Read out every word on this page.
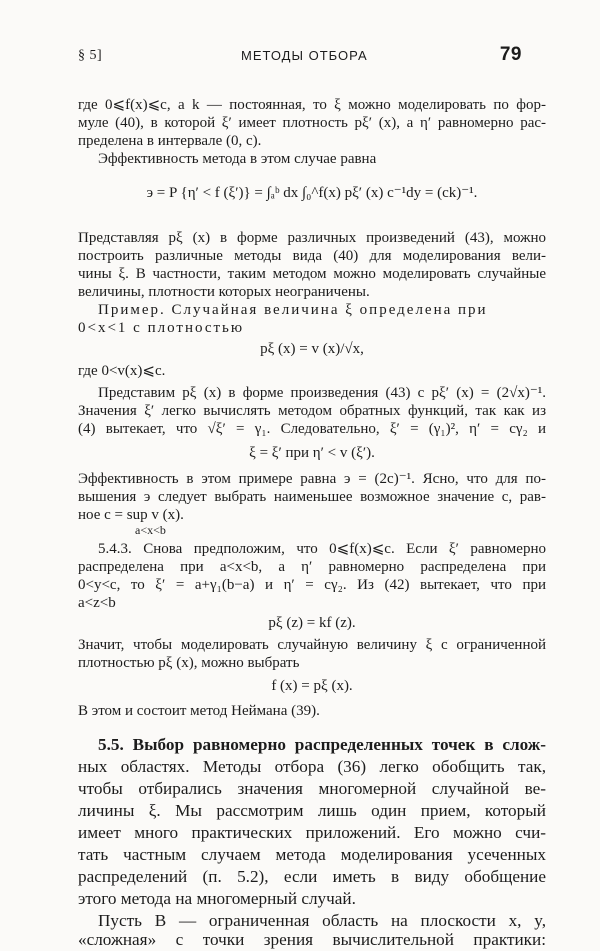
§ 5]	МЕТОДЫ ОТБОРА	79
где 0⩽f(x)⩽c, а k — постоянная, то ξ можно моделировать по фор-
муле (40), в которой ξ′ имеет плотность pξ′ (x), а η′ равномерно рас-
пределена в интервале (0, c).
Эффективность метода в этом случае равна
э = P {η′ < f (ξ′)} = ∫ₐᵇ dx ∫₀^f(x) pξ′ (x) c⁻¹dy = (ck)⁻¹.
Представляя pξ (x) в форме различных произведений (43), можно
построить различные методы вида (40) для моделирования вели-
чины ξ. В частности, таким методом можно моделировать случайные
величины, плотности которых неограничены.
Пример. Случайная величина ξ определена при
0<x<1 с плотностью
pξ (x) = v (x)/√x,
где 0<v(x)⩽c.
Представим pξ (x) в форме произведения (43) с pξ′ (x) = (2√x)⁻¹.
Значения ξ′ легко вычислять методом обратных функций, так как из
(4) вытекает, что √ξ′ = γ₁. Следовательно, ξ′ = (γ₁)², η′ = cγ₂ и
ξ = ξ′ при η′ < v (ξ′).
Эффективность в этом примере равна э = (2c)⁻¹. Ясно, что для по-
вышения э следует выбрать наименьшее возможное значение c, рав-
ное c = sup v (x).
a<x<b
5.4.3. Снова предположим, что 0⩽f(x)⩽c. Если ξ′ равномерно
распределена при a<x<b, а η′ равномерно распределена при
0<y<c, то ξ′ = a+γ₁(b−a) и η′ = cγ₂. Из (42) вытекает, что при
a<z<b
pξ (z) = kf (z).
Значит, чтобы моделировать случайную величину ξ с ограниченной
плотностью pξ (x), можно выбрать
f (x) = pξ (x).
В этом и состоит метод Неймана (39).
5.5. Выбор равномерно распределенных точек в слож-
ных областях. Методы отбора (36) легко обобщить так,
чтобы отбирались значения многомерной случайной ве-
личины ξ. Мы рассмотрим лишь один прием, который
имеет много практических приложений. Его можно счи-
тать частным случаем метода моделирования усеченных
распределений (п. 5.2), если иметь в виду обобщение
этого метода на многомерный случай.
Пусть B — ограниченная область на плоскости x, y,
«сложная» с точки зрения вычислительной практики:
